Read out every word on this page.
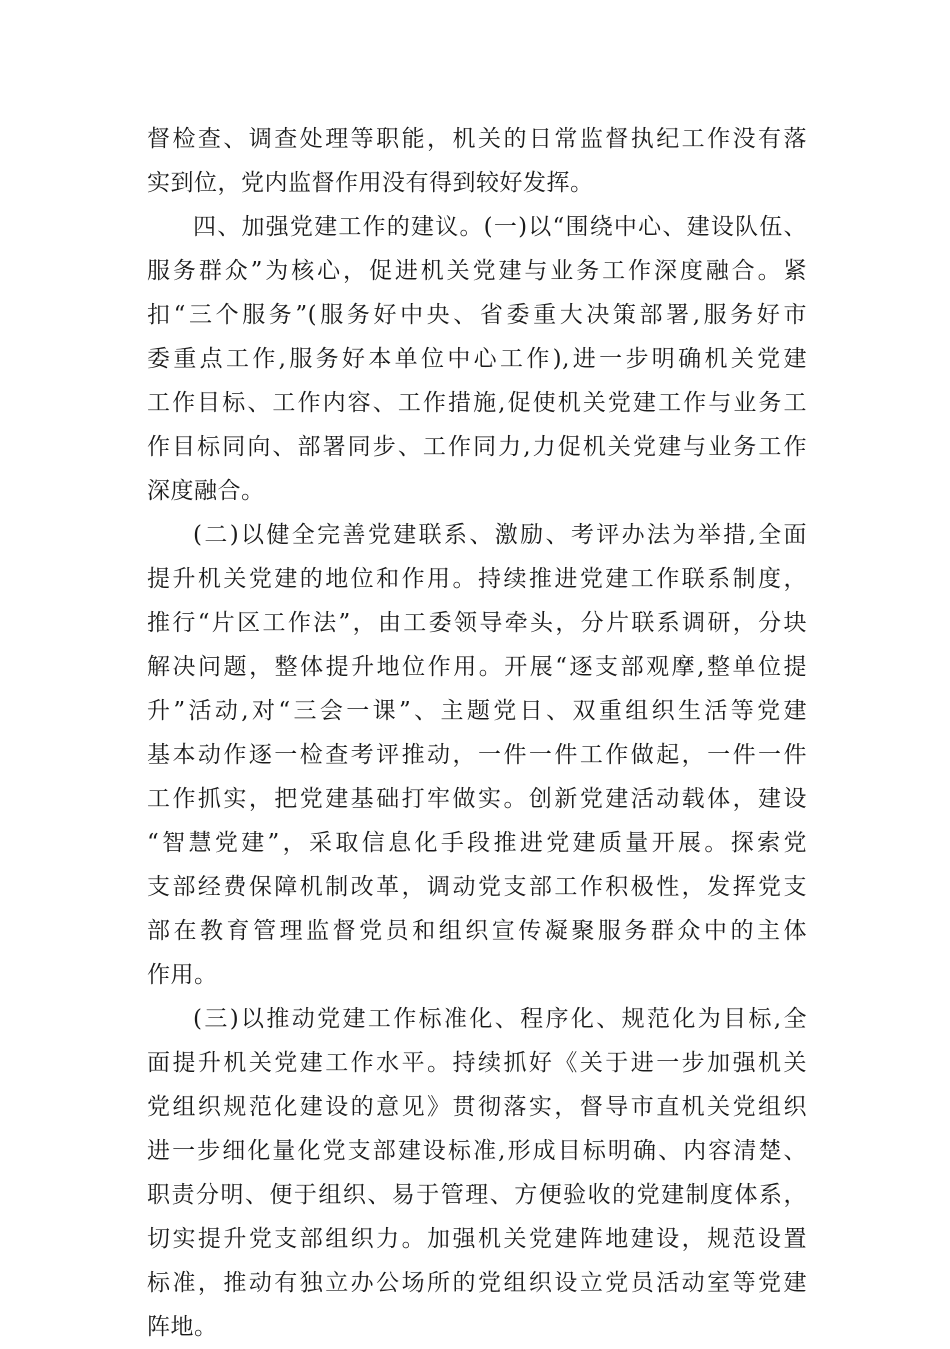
督检查、调查处理等职能，机关的日常监督执纪工作没有落
实到位，党内监督作用没有得到较好发挥。
四、加强党建工作的建议。(一)以“围绕中心、建设队伍、
服务群众”为核心，促进机关党建与业务工作深度融合。紧
扣“三个服务”(服务好中央、省委重大决策部署,服务好市
委重点工作,服务好本单位中心工作),进一步明确机关党建
工作目标、工作内容、工作措施,促使机关党建工作与业务工
作目标同向、部署同步、工作同力,力促机关党建与业务工作
深度融合。
(二)以健全完善党建联系、激励、考评办法为举措,全面
提升机关党建的地位和作用。持续推进党建工作联系制度，
推行“片区工作法”，由工委领导牵头，分片联系调研，分块
解决问题，整体提升地位作用。开展“逐支部观摩,整单位提
升”活动,对“三会一课”、主题党日、双重组织生活等党建
基本动作逐一检查考评推动，一件一件工作做起，一件一件
工作抓实，把党建基础打牢做实。创新党建活动载体，建设
“智慧党建”，采取信息化手段推进党建质量开展。探索党
支部经费保障机制改革，调动党支部工作积极性，发挥党支
部在教育管理监督党员和组织宣传凝聚服务群众中的主体
作用。
(三)以推动党建工作标准化、程序化、规范化为目标,全
面提升机关党建工作水平。持续抓好《关于进一步加强机关
党组织规范化建设的意见》贯彻落实，督导市直机关党组织
进一步细化量化党支部建设标准,形成目标明确、内容清楚、
职责分明、便于组织、易于管理、方便验收的党建制度体系，
切实提升党支部组织力。加强机关党建阵地建设，规范设置
标准，推动有独立办公场所的党组织设立党员活动室等党建
阵地。
